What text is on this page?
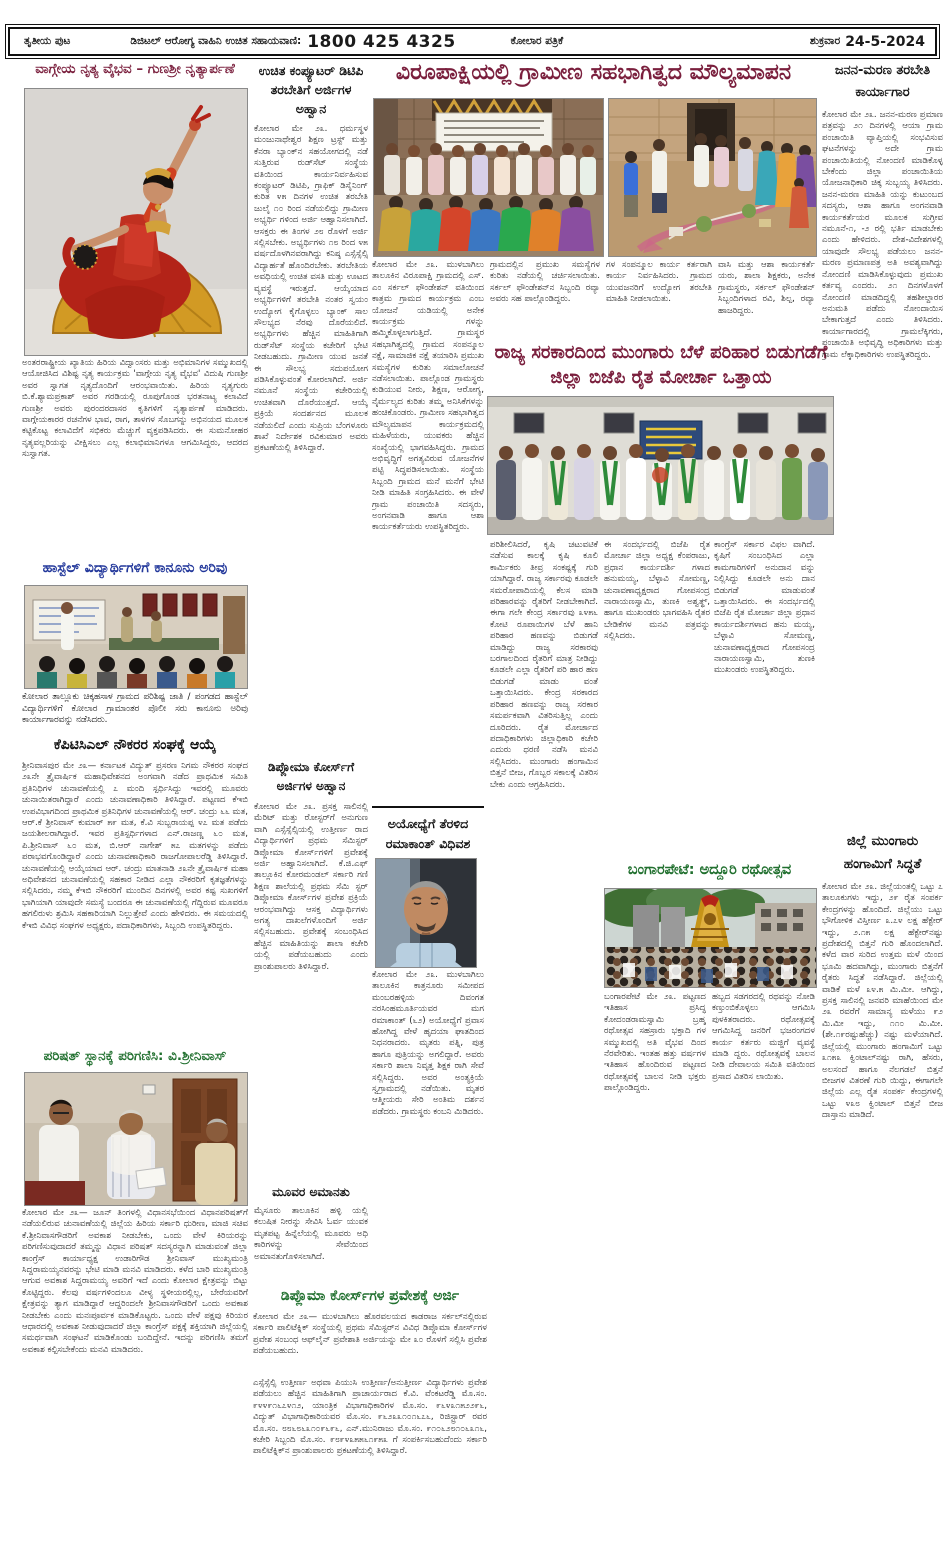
ತೃತೀಯ ಪುಟ	ಡಿಜಿಟಲ್ ಆರೋಗ್ಯ ವಾಹಿನಿ ಉಚಿತ ಸಹಾಯವಾಣಿ: 1800 425 4325	ಕೋಲಾರ ಪತ್ರಿಕೆ	ಶುಕ್ರವಾರ 24-5-2024
ವಾಗ್ಗೇಯ ನೃತ್ಯ ವೈಭವ – ಗುಣಶ್ರೀ ನೃತ್ಯಾರ್ಪಣೆ
ಅಂತರರಾಷ್ಟ್ರೀಯ ಖ್ಯಾತಿಯ ಹಿರಿಯ ವಿದ್ವಾಂಸರು ಮತ್ತು ಅಭಿಮಾನಿಗಳ ಸಮ್ಮುಖದಲ್ಲಿ ಆಯೋಜಿಸಿದ ವಿಶಿಷ್ಟ ನೃತ್ಯ ಕಾರ್ಯಕ್ರಮ 'ವಾಗ್ಗೇಯ ನೃತ್ಯ ವೈಭವ' ವಿದುಷಿ ಗುಣಶ್ರೀ ಅವರ ಸ್ವಾಗತ ನೃತ್ಯದೊಂದಿಗೆ ಆರಂಭವಾಯಿತು. ಹಿರಿಯ ನೃತ್ಯಗುರು ಬಿ.ಕೆ.ಶ್ಯಾಮಪ್ರಕಾಶ್ ಅವರ ಗರಡಿಯಲ್ಲಿ ರೂಪುಗೊಂಡ ಭರತನಾಟ್ಯ ಕಲಾವಿದೆ ಗುಣಶ್ರೀ ಅವರು ಪುರಂದರದಾಸರ ಕೃತಿಗಳಿಗೆ ನೃತ್ಯಾರ್ಪಣೆ ಮಾಡಿದರು. ವಾಗ್ಗೇಯಕಾರರ ರಚನೆಗಳ ಭಾವ, ರಾಗ, ತಾಳಗಳ ಸೊಬಗನ್ನು ಅಭಿನಯದ ಮೂಲಕ ಕಟ್ಟಿಕೊಟ್ಟ ಕಲಾವಿದೆಗೆ ಸಭಿಕರು ಮೆಚ್ಚುಗೆ ವ್ಯಕ್ತಪಡಿಸಿದರು. ಈ ಸುಮನೋಹರ ನೃತ್ಯವಲ್ಲರಿಯನ್ನು ವೀಕ್ಷಿಸಲು ಎಲ್ಲ ಕಲಾಭಿಮಾನಿಗಳೂ ಆಗಮಿಸಿದ್ದರು, ಆದರದ ಸುಸ್ವಾಗತ.
ಹಾಸ್ಟೆಲ್ ವಿದ್ಯಾರ್ಥಿಗಳಿಗೆ ಕಾನೂನು ಅರಿವು
ಕೋಲಾರ ತಾಲ್ಲೂಕು ಚಿಕ್ಕಹಸಾಳ ಗ್ರಾಮದ ಪರಿಶಿಷ್ಟ ಜಾತಿ / ಪಂಗಡದ ಹಾಸ್ಟೆಲ್ ವಿದ್ಯಾರ್ಥಿಗಳಿಗೆ ಕೋಲಾರ ಗ್ರಾಮಾಂತರ ಪೊಲೀ ಸರು ಕಾನೂನು ಅರಿವು ಕಾರ್ಯಾಗಾರವನ್ನು ನಡೆಸಿದರು.
ಕೆಪಿಟಿಸಿಎಲ್ ನೌಕರರ ಸಂಘಕ್ಕೆ ಆಯ್ಕೆ
ಶ್ರೀನಿವಾಸಪುರ ಮೇ ೨೩— ಕರ್ನಾಟಕ ವಿದ್ಯುತ್ ಪ್ರಸರಣ ನಿಗಮ ನೌಕರರ ಸಂಘದ ೨೩ನೇ ತ್ರೈವಾರ್ಷಿಕ ಮಹಾಧಿವೇಶನದ ಅಂಗವಾಗಿ ನಡೆದ ಪ್ರಾಥಮಿಕ ಸಮಿತಿ ಪ್ರತಿನಿಧಿಗಳ ಚುನಾವಣೆಯಲ್ಲಿ ೭ ಮಂದಿ ಸ್ಪರ್ಧಿಸಿದ್ದು ಇವರಲ್ಲಿ ಮೂವರು ಚುನಾಯಿತರಾಗಿದ್ದಾರೆ ಎಂದು ಚುನಾವಣಾಧಿಕಾರಿ ತಿಳಿಸಿದ್ದಾರೆ. ಪಟ್ಟಣದ ಕೆಇಬಿ ಉಪವಿಭಾಗದಿಂದ ಪ್ರಾಥಮಿಕ ಪ್ರತಿನಿಧಿಗಳ ಚುನಾವಣೆಯಲ್ಲಿ ಆರ್. ಚಂದ್ರು ೬೬ ಮತ, ಆರ್.ಕೆ ಶ್ರೀನಿವಾಸ್ ಕುಮಾರ್ ೫೯ ಮತ, ಕೆ.ವಿ ಸುಬ್ಬರಾಯಪ್ಪ ೪೭ ಮತ ಪಡೆದು ಜಯಶೀಲರಾಗಿದ್ದಾರೆ. ಇವರ ಪ್ರತಿಸ್ಪರ್ಧಿಗಳಾದ ಎನ್.ರಾಜಣ್ಣ ೬೦ ಮತ, ಪಿ.ಶ್ರೀನಿವಾಸ್ ೬೦ ಮತ, ಬಿ.ಆರ್ ನಾಗೇಶ್ ೫೭ ಮತಗಳನ್ನು ಪಡೆದು ಪರಾಭವಗೊಂಡಿದ್ದಾರೆ ಎಂದು ಚುನಾವಣಾಧಿಕಾರಿ ರಾಜಗೋಪಾಲರೆಡ್ಡಿ ತಿಳಿಸಿದ್ದಾರೆ. ಚುನಾವಣೆಯಲ್ಲಿ ಆಯ್ಕೆಯಾದ ಆರ್. ಚಂದ್ರು ಮಾತನಾಡಿ ೨೩ನೇ ತ್ರೈವಾರ್ಷಿಕ ಮಹಾ ಅಧಿವೇಶನದ ಚುನಾವಣೆಯಲ್ಲಿ ಸಹಕಾರ ನೀಡಿದ ಎಲ್ಲಾ ನೌಕರರಿಗೆ ಕೃತಜ್ಞತೆಗಳನ್ನು ಸಲ್ಲಿಸಿದರು, ನಮ್ಮ ಕೆಇಬಿ ನೌಕರರಿಗೆ ಮುಂದಿನ ದಿನಗಳಲ್ಲಿ ಅವರ ಕಷ್ಟ ಸುಖಗಳಿಗೆ ಭಾಗಿಯಾಗಿ ಯಾವುದೇ ಸಮಸ್ಯೆ ಬಂದರೂ ಈ ಚುನಾವಣೆಯಲ್ಲಿ ಗೆದ್ದಿರುವ ಮೂವರೂ ಹಗಲಿರುಳು ಶ್ರಮಿಸಿ ಸಹಕಾರಿಯಾಗಿ ನಿಲ್ಲುತ್ತೇವೆ ಎಂದು ಹೇಳಿದರು. ಈ ಸಮಯದಲ್ಲಿ ಕೆಇಬಿ ವಿವಿಧ ಸಂಘಗಳ ಅಧ್ಯಕ್ಷರು, ಪದಾಧಿಕಾರಿಗಳು, ಸಿಬ್ಬಂದಿ ಉಪಸ್ಥಿತರಿದ್ದರು.
ಪರಿಷತ್ ಸ್ಥಾನಕ್ಕೆ ಪರಿಗಣಿಸಿ: ವಿ.ಶ್ರೀನಿವಾಸ್
ಕೋಲಾರ ಮೇ ೨೩— ಜೂನ್ ತಿಂಗಳಲ್ಲಿ ವಿಧಾನಸಭೆಯಿಂದ ವಿಧಾನಪರಿಷತ್‌ಗೆ ನಡೆಯಲಿರುವ ಚುನಾವಣೆಯಲ್ಲಿ ಜಿಲ್ಲೆಯ ಹಿರಿಯ ಸರ್ಕಾರಿ ಧುರೀಣ, ಮಾಜಿ ಸಚಿವ ಕೆ.ಶ್ರೀನಿವಾಸಗೌಡರಿಗೆ ಅವಕಾಶ ನೀಡಬೇಕು, ಒಂದು ವೇಳೆ ಕಿರಿಯರನ್ನು ಪರಿಗಣಿಸುವುದಾದರೆ ತಮ್ಮನ್ನು ವಿಧಾನ ಪರಿಷತ್ ಸದಸ್ಯರನ್ನಾಗಿ ಮಾಡುವಂತೆ ಜಿಲ್ಲಾ ಕಾಂಗ್ರೆಸ್ ಕಾರ್ಯಾಧ್ಯಕ್ಷ ಉಡಾರಿಗೌಡ ಶ್ರೀನಿವಾಸ್ ಮುಖ್ಯಮಂತ್ರಿ ಸಿದ್ದರಾಮಯ್ಯನವರನ್ನು ಭೇಟಿ ಮಾಡಿ ಮನವಿ ಮಾಡಿದರು. ಕಳೆದ ಬಾರಿ ಮುಖ್ಯಮಂತ್ರಿ ಆಗುವ ಅವಕಾಶ ಸಿದ್ದರಾಮಯ್ಯ ಅವರಿಗೆ ಇದೆ ಎಂದು ಕೋಲಾರ ಕ್ಷೇತ್ರವನ್ನು ಬಿಟ್ಟು ಕೊಟ್ಟಿದ್ದರು. ಕೆಲವು ವರ್ಷಗಳಿಂದಲೂ ವೀಳ್ಯ ಸ್ಥಳೀಯರಲ್ಲಿಲ್ಲ, ಬೇರೆಯವರಿಗೆ ಕ್ಷೇತ್ರವನ್ನು ತ್ಯಾಗ ಮಾಡಿದ್ದಾರೆ ಆದ್ದರಿಂದಲೇ ಶ್ರೀನಿವಾಸಗೌಡರಿಗೆ ಒಂದು ಅವಕಾಶ ನೀಡಬೇಕು ಎಂದು ಮನಃಪೂರ್ವಕ ಮಾಡಿಕೊಟ್ಟರು. ಒಂದು ವೇಳೆ ಪಕ್ಷವು ಕಿರಿಯರ ಆಧಾರದಲ್ಲಿ ಅವಕಾಶ ನೀಡುವುದಾದರೆ ಜಿಲ್ಲಾ ಕಾಂಗ್ರೆಸ್ ಪಕ್ಷಕ್ಕೆ ಶಕ್ತಿಯಾಗಿ ಜಿಲ್ಲೆಯಲ್ಲಿ ಸಮರ್ಥವಾಗಿ ಸಂಘಟನೆ ಮಾಡಿಕೊಂಡು ಬಂದಿದ್ದೇನೆ. ಇದನ್ನು ಪರಿಗಣಿಸಿ ತಮಗೆ ಅವಕಾಶ ಕಲ್ಪಿಸಬೇಕೆಂದು ಮನವಿ ಮಾಡಿದರು.
ಉಚಿತ ಕಂಪ್ಯೂಟರ್ ಡಿಟಿಪಿ ತರಬೇತಿಗೆ ಅರ್ಜಿಗಳ ಅಹ್ವಾನ
ಕೋಲಾರ ಮೇ ೨೩. ಧರ್ಮಸ್ಥಳ ಮಂಜುನಾಥೇಶ್ವರ ಶಿಕ್ಷಣ ಟ್ರಸ್ಟ್ ಮತ್ತು ಕೆನರಾ ಬ್ಯಾಂಕ್‌ನ ಸಹಯೋಗದಲ್ಲಿ ನಡೆ ಸುತ್ತಿರುವ ರುಡ್‌ಸೆಟ್ ಸಂಸ್ಥೆಯ ವತಿಯಿಂದ ಕಾರ್ಯನಿರ್ವಹಿಸುವ ಕಂಪ್ಯೂಟರ್ ಡಿಟಿಪಿ, ಗ್ರಾಫಿಕ್ ಡಿಸೈನಿಂಗ್ ಕುರಿತ ೪೫ ದಿನಗಳ ಉಚಿತ ತರಬೇತಿ ಜುಲೈ ೧೦ ರಿಂದ ನಡೆಯಲಿದ್ದು ಗ್ರಾಮೀಣ ಅಭ್ಯರ್ಥಿ ಗಳಿಂದ ಅರ್ಜಿ ಆಹ್ವಾನಿಸಲಾಗಿದೆ. ಆಸಕ್ತರು ಈ ತಿಂಗಳ ೨೮ ರೊಳಗೆ ಅರ್ಜಿ ಸಲ್ಲಿಸಬೇಕು. ಅಭ್ಯರ್ಥಿಗಳು ೧೮ ರಿಂದ ೪೫ ವರ್ಷದೊಳಗಿನವರಾಗಿದ್ದು ಕನಿಷ್ಠ ಎಸ್ಸೆಸ್ಸೆಲ್ಸಿ ವಿದ್ಯಾರ್ಹತೆ ಹೊಂದಿರಬೇಕು. ತರಬೇತಿಯ ಅವಧಿಯಲ್ಲಿ ಉಚಿತ ವಸತಿ ಮತ್ತು ಊಟದ ವ್ಯವಸ್ಥೆ ಇರುತ್ತದೆ. ಆಯ್ಕೆಯಾದ ಅಭ್ಯರ್ಥಿಗಳಿಗೆ ತರಬೇತಿ ನಂತರ ಸ್ವಯಂ ಉದ್ಯೋಗ ಕೈಗೊಳ್ಳಲು ಬ್ಯಾಂಕ್ ಸಾಲ ಸೌಲಭ್ಯದ ನೆರವು ದೊರೆಯಲಿದೆ. ಅಭ್ಯರ್ಥಿಗಳು ಹೆಚ್ಚಿನ ಮಾಹಿತಿಗಾಗಿ ರುಡ್‌ಸೆಟ್ ಸಂಸ್ಥೆಯ ಕಚೇರಿಗೆ ಭೇಟಿ ನೀಡಬಹುದು. ಗ್ರಾಮೀಣ ಯುವ ಜನತೆ ಈ ಸೌಲಭ್ಯ ಸದುಪಯೋಗ ಪಡಿಸಿಕೊಳ್ಳುವಂತೆ ಕೋರಲಾಗಿದೆ. ಅರ್ಜಿ ನಮೂನೆ ಸಂಸ್ಥೆಯ ಕಚೇರಿಯಲ್ಲಿ ಉಚಿತವಾಗಿ ದೊರೆಯುತ್ತದೆ. ಆಯ್ಕೆ ಪ್ರಕ್ರಿಯೆ ಸಂದರ್ಶನದ ಮೂಲಕ ನಡೆಯಲಿದೆ ಎಂದು ಸುಪ್ರಿಯ ಬೆಂಗಳೂರು ಶಾಖೆ ನಿರ್ದೇಶಕ ರವಿಕುಮಾರ ಅವರು ಪ್ರಕಟಣೆಯಲ್ಲಿ ತಿಳಿಸಿದ್ದಾರೆ.
ಡಿಪ್ಲೋಮಾ ಕೋರ್ಸ್‌ಗೆ ಅರ್ಜಿಗಳ ಅಹ್ವಾನ
ಕೋಲಾರ ಮೇ ೨೩. ಪ್ರಸಕ್ತ ಸಾಲಿನಲ್ಲಿ ಮೆರಿಟ್ ಮತ್ತು ರೋಸ್ಟರ್‌ಗೆ ಅನುಗುಣ ವಾಗಿ ಎಸ್ಸೆಸ್ಸೆಲ್ಸಿಯಲ್ಲಿ ಉತ್ತೀರ್ಣ ರಾದ ವಿದ್ಯಾರ್ಥಿಗಳಿಗೆ ಪ್ರಥಮ ಸೆಮಿಸ್ಟರ್ ಡಿಪ್ಲೋಮಾ ಕೋರ್ಸ್‌ಗಳಿಗೆ ಪ್ರವೇಶಕ್ಕೆ ಅರ್ಜಿ ಅಹ್ವಾನಿಸಲಾಗಿದೆ. ಕೆ.ಜಿ.ಎಫ್ ತಾಲ್ಲೂಕಿನ ಕೋರಮಂಡಲ್ ಸರ್ಕಾರಿ ಗಣಿ ಶಿಕ್ಷಣ ಶಾಲೆಯಲ್ಲಿ ಪ್ರಥಮ ಸೆಮಿ ಸ್ಟರ್ ಡಿಪ್ಲೋಮಾ ಕೋರ್ಸ್‌ಗಳ ಪ್ರವೇಶ ಪ್ರಕ್ರಿಯೆ ಆರಂಭವಾಗಿದ್ದು ಆಸಕ್ತ ವಿದ್ಯಾರ್ಥಿಗಳು ಅಗತ್ಯ ದಾಖಲೆಗಳೊಂದಿಗೆ ಅರ್ಜಿ ಸಲ್ಲಿಸಬಹುದು. ಪ್ರವೇಶಕ್ಕೆ ಸಂಬಂಧಿಸಿದ ಹೆಚ್ಚಿನ ಮಾಹಿತಿಯನ್ನು ಶಾಲಾ ಕಚೇರಿ ಯಲ್ಲಿ ಪಡೆಯಬಹುದು ಎಂದು ಪ್ರಾಂಶುಪಾಲರು ತಿಳಿಸಿದ್ದಾರೆ.
ಮೂವರ ಅಮಾನತು
ಮೈಸೂರು ತಾಲೂಕಿನ ಹಳ್ಳಿ ಯಲ್ಲಿ ಕಲುಷಿತ ನೀರನ್ನು ಸೇವಿಸಿ ಓರ್ವ ಯುವಕ ಮೃತಪಟ್ಟ ಹಿನ್ನೆಲೆಯಲ್ಲಿ ಮೂವರು ಅಧಿ ಕಾರಿಗಳನ್ನು ಸೇವೆಯಿಂದ ಅಮಾನತುಗೊಳಿಸಲಾಗಿದೆ.
ಡಿಪ್ಲೊಮಾ ಕೋರ್ಸ್‌ಗಳ ಪ್ರವೇಶಕ್ಕೆ ಅರ್ಜಿ
ಕೋಲಾರ ಮೇ ೨೩— ಮುಳಬಾಗಿಲು ಹೊರವಲಯದ ಕಾಡರಾಜ ಸರ್ಕಲ್‌ನಲ್ಲಿರುವ ಸರ್ಕಾರಿ ಪಾಲಿಟೆಕ್ನಿಕ್ ಸಂಸ್ಥೆಯಲ್ಲಿ ಪ್ರಥಮ ಸೆಮಿಸ್ಟರ್‌ನ ವಿವಿಧ ಡಿಪ್ಲೊಮಾ ಕೋರ್ಸ್‌ಗಳ ಪ್ರವೇಶ ಸಂಬಂಧ ಆಫ್‌ಲೈನ್ ಪ್ರವೇಶಾತಿ ಅರ್ಜಿಯನ್ನು ಮೇ ೩೦ ರೊಳಗೆ ಸಲ್ಲಿಸಿ ಪ್ರವೇಶ ಪಡೆಯಬಹುದು.
ಎಸ್ಸೆಸ್ಸೆಲ್ಸಿ ಉತ್ತೀರ್ಣ ಅಥವಾ ಪಿಯುಸಿ ಉತ್ತೀರ್ಣ/ಅನುತ್ತೀರ್ಣ ವಿದ್ಯಾರ್ಥಿಗಳು ಪ್ರವೇಶ ಪಡೆಯಲು ಹೆಚ್ಚಿನ ಮಾಹಿತಿಗಾಗಿ ಪ್ರಾಚಾರ್ಯರಾದ ಕೆ.ವಿ. ವೆಂಕಟರೆಡ್ಡಿ ಮೊ.ಸಂ. ೯೪೪೯೧೬೭೪೧೨, ಯಾಂತ್ರಿಕ ವಿಭಾಗಾಧಿಕಾರಿಗಳ ಮೊ.ಸಂ. ೯೬೪೩೧೫೨೨೯೬, ವಿದ್ಯುತ್ ವಿಭಾಗಾಧಿಕಾರಿಯವರ ಮೊ.ಸಂ. ೯೬೨೩೩೧೦೧೬೭೬, ರಿಜಿಸ್ಟ್ರಾರ್ ರವರ ಮೊ.ಸಂ. ೮೮೬೮೬೩೧೦೯೬೯೬, ಎನ್.ಮುನಿರಾಜು ಮೊ.ಸಂ. ೯೧೦೬೨೮೧೦೬೩೧೬, ಕಚೇರಿ ಸಿಬ್ಬಂದಿ ಮೊ.ಸಂ. ೯೮೯೪೩೫೫೬೧೯೫೩ ಗೆ ಸಂಪರ್ಕಿಸಬಹುದೆಂದು ಸರ್ಕಾರಿ ಪಾಲಿಟೆಕ್ನಿಕ್‌ನ ಪ್ರಾಂಶುಪಾಲರು ಪ್ರಕಟಣೆಯಲ್ಲಿ ತಿಳಿಸಿದ್ದಾರೆ.
ವಿರೂಪಾಕ್ಷಿಯಲ್ಲಿ ಗ್ರಾಮೀಣ ಸಹಭಾಗಿತ್ವದ ಮೌಲ್ಯಮಾಪನ
ಕೋಲಾರ ಮೇ ೨೩. ಮುಳಬಾಗಿಲು ತಾಲೂಕಿನ ವಿರೂಪಾಕ್ಷಿ ಗ್ರಾಮದಲ್ಲಿ ಎಸ್. ಎಂ ಸರ್ಕಲ್ ಫೌಂಡೇಶನ್ ವತಿಯಿಂದ ಕಾತ್ರಮ ಗ್ರಾಮದ ಕಾರ್ಯಕ್ರಮ ಎಂಬ ಯೋಜನೆ ಯಡಿಯಲ್ಲಿ ಅನೇಕ ಕಾರ್ಯಕ್ರಮ ಗಳನ್ನು ಹಮ್ಮಿಕೊಳ್ಳಲಾಗುತ್ತಿದೆ. ಗ್ರಾಮಸ್ಥರ ಸಹಭಾಗಿತ್ವದಲ್ಲಿ ಗ್ರಾಮದ ಸಂಪನ್ಮೂಲ ನಕ್ಷೆ, ಸಾಮಾಜಿಕ ನಕ್ಷೆ ತಯಾರಿಸಿ ಪ್ರಮುಖ ಸಮಸ್ಯೆಗಳ ಕುರಿತು ಸಮಾಲೋಚನೆ ನಡೆಸಲಾಯಿತು. ಪಾಲ್ಗೊಂಡ ಗ್ರಾಮಸ್ಥರು ಕುಡಿಯುವ ನೀರು, ಶಿಕ್ಷಣ, ಆರೋಗ್ಯ, ನೈರ್ಮಲ್ಯದ ಕುರಿತು ತಮ್ಮ ಅನಿಸಿಕೆಗಳನ್ನು ಹಂಚಿಕೊಂಡರು. ಗ್ರಾಮೀಣ ಸಹಭಾಗಿತ್ವದ ಮೌಲ್ಯಮಾಪನ ಕಾರ್ಯಕ್ರಮದಲ್ಲಿ ಮಹಿಳೆಯರು, ಯುವಕರು ಹೆಚ್ಚಿನ ಸಂಖ್ಯೆಯಲ್ಲಿ ಭಾಗವಹಿಸಿದ್ದರು. ಗ್ರಾಮದ ಅಭಿವೃದ್ಧಿಗೆ ಅಗತ್ಯವಿರುವ ಯೋಜನೆಗಳ ಪಟ್ಟಿ ಸಿದ್ಧಪಡಿಸಲಾಯಿತು. ಸಂಸ್ಥೆಯ ಸಿಬ್ಬಂದಿ ಗ್ರಾಮದ ಮನೆ ಮನೆಗೆ ಭೇಟಿ ನೀಡಿ ಮಾಹಿತಿ ಸಂಗ್ರಹಿಸಿದರು. ಈ ವೇಳೆ ಗ್ರಾಮ ಪಂಚಾಯಿತಿ ಸದಸ್ಯರು, ಅಂಗನವಾಡಿ ಹಾಗೂ ಆಶಾ ಕಾರ್ಯಕರ್ತೆಯರು ಉಪಸ್ಥಿತರಿದ್ದರು.
ಗ್ರಾಮದಲ್ಲಿನ ಪ್ರಮುಖ ಸಮಸ್ಯೆಗಳ ಕುರಿತು ನಡೆಯಲ್ಲಿ ಚರ್ಚಿಸಲಾಯಿತು. ಸರ್ಕಲ್ ಫೌಂಡೇಶನ್‌ನ ಸಿಬ್ಬಂದಿ ರವ್ಯಾ ಅವರು ಸಹ ಪಾಲ್ಗೊಂಡಿದ್ದರು.
ಗಳ ಸಂಪನ್ಮೂಲ ಕಾರ್ಯ ಕರ್ತರಾಗಿ ಕಾರ್ಯ ನಿರ್ವಹಿಸಿದರು. ಗ್ರಾಮದ ಯುವಜನರಿಗೆ ಉದ್ಯೋಗ ತರಬೇತಿ ಮಾಹಿತಿ ನೀಡಲಾಯಿತು.
ವಾಸಿ ಮತ್ತು ಆಶಾ ಕಾರ್ಯಕರ್ತೆ ಯರು, ಶಾಲಾ ಶಿಕ್ಷಕರು, ಅನೇಕ ಗ್ರಾಮಸ್ಥರು, ಸರ್ಕಲ್ ಫೌಂಡೇಶನ್ ಸಿಬ್ಬಂದಿಗಳಾದ ರವಿ, ಶಿಲ್ಪ, ರವ್ಯಾ ಹಾಜರಿದ್ದರು.
ರಾಜ್ಯ ಸರಕಾರದಿಂದ ಮುಂಗಾರು ಬೆಳೆ ಪರಿಹಾರ ಬಿಡುಗಡೆಗೆ ಜಿಲ್ಲಾ ಬಿಜೆಪಿ ರೈತ ಮೋರ್ಚಾ ಒತ್ತಾಯ
ಪರಿಶೀಲಿಸಿದರೆ, ಕೃಷಿ ಚಟುವಟಿಕೆ ನಡೆಸುವ ಕಾಲಕ್ಕೆ ಕೃಷಿ ಕೂಲಿ ಕಾರ್ಮಿಕರು ತೀವ್ರ ಸಂಕಷ್ಟಕ್ಕೆ ಗುರಿ ಯಾಗಿದ್ದಾರೆ. ರಾಜ್ಯ ಸರ್ಕಾರವು ಕೂಡಲೇ ಸಮರೋಪಾದಿಯಲ್ಲಿ ಕೆಲಸ ಮಾಡಿ ಪರಿಹಾರವನ್ನು ರೈತರಿಗೆ ನೀಡಬೇಕಾಗಿದೆ. ಈಗಾ ಗಲೇ ಕೇಂದ್ರ ಸರ್ಕಾರವು ೩೪೫೬ ಕೋಟಿ ರೂಪಾಯಿಗಳ ಬೆಳೆ ಹಾನಿ ಪರಿಹಾರ ಹಣವನ್ನು ಬಿಡುಗಡೆ ಮಾಡಿದ್ದು ರಾಜ್ಯ ಸರಕಾರವು ಬರಗಾಲದಿಂದ ರೈತರಿಗೆ ಮಾತ್ರ ನೀಡಿದ್ದು ಕೂಡಲೇ ಎಲ್ಲಾ ರೈತರಿಗೆ ಪರಿ ಹಾರ ಹಣ ಬಿಡುಗಡೆ ಮಾಡು ವಂತೆ ಒತ್ತಾಯಿಸಿದರು. ಕೇಂದ್ರ ಸರಕಾರದ ಪರಿಹಾರ ಹಣವನ್ನು ರಾಜ್ಯ ಸರಕಾರ ಸಮರ್ಪಕವಾಗಿ ವಿತರಿಸುತ್ತಿಲ್ಲ ಎಂದು ದೂರಿದರು. ರೈತ ಮೋರ್ಚಾದ ಪದಾಧಿಕಾರಿಗಳು ಜಿಲ್ಲಾಧಿಕಾರಿ ಕಚೇರಿ ಎದುರು ಧರಣಿ ನಡೆಸಿ ಮನವಿ ಸಲ್ಲಿಸಿದರು. ಮುಂಗಾರು ಹಂಗಾಮಿನ ಬಿತ್ತನೆ ಬೀಜ, ಗೊಬ್ಬರ ಸಕಾಲಕ್ಕೆ ವಿತರಿಸ ಬೇಕು ಎಂದು ಆಗ್ರಹಿಸಿದರು.
ಈ ಸಂದರ್ಭದಲ್ಲಿ ಬಿಜೆಪಿ ರೈತ ಮೋರ್ಚಾ ಜಿಲ್ಲಾ ಅಧ್ಯಕ್ಷ ಕೆಂಪರಾಜು, ಪ್ರಧಾನ ಕಾರ್ಯದರ್ಶಿ ಗಳಾದ ಹನುಮಯ್ಯ, ಬೆಳ್ಳಾವಿ ಸೋಮಣ್ಣ, ಚುನಾವಣಾಧ್ಯಕ್ಷರಾದ ಗೋಪಸಂದ್ರ ನಾರಾಯಣಸ್ವಾಮಿ, ತುಣಕಿ ಅಶ್ವತ್ಥ್, ಹಾಗೂ ಮುಖಂಡರು ಭಾಗವಹಿಸಿ ರೈತರ ಬೇಡಿಕೆಗಳ ಮನವಿ ಪತ್ರವನ್ನು ಸಲ್ಲಿಸಿದರು.
ಕಾಂಗ್ರೆಸ್ ಸರ್ಕಾರ ವಿಫಲ ವಾಗಿದೆ. ಕೃಷಿಗೆ ಸಂಬಂಧಿಸಿದ ಎಲ್ಲಾ ಕಾಮಗಾರಿಗಳಿಗೆ ಅನುದಾನ ವನ್ನು ನಿಲ್ಲಿಸಿದ್ದು ಕೂಡಲೇ ಅನು ದಾನ ಬಿಡುಗಡೆ ಮಾಡುವಂತೆ ಒತ್ತಾಯಿಸಿದರು. ಈ ಸಂದರ್ಭದಲ್ಲಿ ಬಿಜೆಪಿ ರೈತ ಮೋರ್ಚಾ ಜಿಲ್ಲಾ ಪ್ರಧಾನ ಕಾರ್ಯದರ್ಶಿಗಳಾದ ಹನು ಮಯ್ಯ, ಬೆಳ್ಳಾವಿ ಸೋಮಣ್ಣ, ಚುನಾವಣಾಧ್ಯಕ್ಷರಾದ ಗೋಪಸಂದ್ರ ನಾರಾಯಣಸ್ವಾಮಿ, ತುಣಕಿ ಮುಖಂಡರು ಉಪಸ್ಥಿತರಿದ್ದರು.
ಅಯೋಧ್ಯೆಗೆ ತೆರಳಿದ ರಮಾಕಾಂತ್ ವಿಧಿವಶ
ಕೋಲಾರ ಮೇ ೨೩. ಮುಳಬಾಗಿಲು ತಾಲೂಕಿನ ಕಾತ್ರನೂರು ಸಮೀಪದ ಮಂಬರಹಳ್ಳಿಯ ದಿವಂಗತ ನರಸಿಂಹಮೂರ್ತಿಯವರ ಮಗ ರಮಾಕಾಂತ್ (೬೨) ಅಯೋಧ್ಯೆಗೆ ಪ್ರವಾಸ ಹೋಗಿದ್ದ ವೇಳೆ ಹೃದಯಾ ಘಾತದಿಂದ ನಿಧನರಾದರು. ಮೃತರು ಪತ್ನಿ, ಪುತ್ರ ಹಾಗೂ ಪುತ್ರಿಯನ್ನು ಅಗಲಿದ್ದಾರೆ. ಅವರು ಸರ್ಕಾರಿ ಶಾಲಾ ನಿವೃತ್ತ ಶಿಕ್ಷಕ ರಾಗಿ ಸೇವೆ ಸಲ್ಲಿಸಿದ್ದರು. ಅವರ ಅಂತ್ಯಕ್ರಿಯೆ ಸ್ವಗ್ರಾಮದಲ್ಲಿ ನಡೆಯಿತು. ಮೃತರ ಆತ್ಮೀಯರು ಸೇರಿ ಅಂತಿಮ ದರ್ಶನ ಪಡೆದರು. ಗ್ರಾಮಸ್ಥರು ಕಂಬನಿ ಮಿಡಿದರು.
ಬಂಗಾರಪೇಟೆ: ಅದ್ದೂರಿ ರಥೋತ್ಸವ
ಬಂಗಾರಪೇಟೆ ಮೇ ೨೩. ಪಟ್ಟಣದ ಇತಿಹಾಸ ಪ್ರಸಿದ್ಧ ಕೋದಂಡರಾಮಸ್ವಾಮಿ ಬ್ರಹ್ಮ ರಥೋತ್ಸವ ಸಹಸ್ರಾರು ಭಕ್ತಾದಿ ಗಳ ಸಮ್ಮುಖದಲ್ಲಿ ಅತಿ ವೈಭವ ದಿಂದ ನೆರವೇರಿತು. ಇಂತಹ ಹತ್ತು ವರ್ಷಗಳ ಇತಿಹಾಸ ಹೊಂದಿರುವ ಪಟ್ಟಣದ ರಥೋತ್ಸವಕ್ಕೆ ಬಾಲನ ನೀಡಿ ಭಕ್ತರು ಪಾಲ್ಗೊಂಡಿದ್ದರು.
ಹಬ್ಬದ ಸಡಗರದಲ್ಲಿ ರಥವನ್ನು ನೋಡಿ ಕಣ್ತುಂಬಿಕೊಳ್ಳಲು ಆಗಮಿಸಿ ಪುಳಕಿತರಾದರು. ರಥೋತ್ಸವಕ್ಕೆ ಆಗಮಿಸಿದ್ದ ಜನರಿಗೆ ಭಜರಂಗದಳ ಕಾರ್ಯ ಕರ್ತರು ಮಜ್ಜಿಗೆ ವ್ಯವಸ್ಥೆ ಮಾಡಿ ದ್ದರು. ರಥೋತ್ಸವಕ್ಕೆ ಬಾಲನ ನೀಡಿ ದೇವಾಲಯ ಸಮಿತಿ ವತಿಯಿಂದ ಪ್ರಸಾದ ವಿತರಿಸ ಲಾಯಿತು.
ಜನನ-ಮರಣ ತರಬೇತಿ ಕಾರ್ಯಾಗಾರ
ಕೋಲಾರ ಮೇ ೨೩. ಜನನ-ಮರಣ ಪ್ರಮಾಣ ಪತ್ರವನ್ನು ೨೧ ದಿನಗಳಲ್ಲಿ ಆಯಾ ಗ್ರಾಮ ಪಂಚಾಯಿತಿ ವ್ಯಾಪ್ತಿಯಲ್ಲಿ ಸಂಭವಿಸುವ ಘಟನೆಗಳನ್ನು ಅದೇ ಗ್ರಾಮ ಪಂಚಾಯಿತಿಯಲ್ಲಿ ನೋಂದಣಿ ಮಾಡಿಕೊಳ್ಳ ಬೇಕೆಂದು ಜಿಲ್ಲಾ ಪಂಚಾಯಿತಿಯ ಯೋಜನಾಧಿಕಾರಿ ಚಿಕ್ಕ ಸುಬ್ಬಯ್ಯ ತಿಳಿಸಿದರು. ಜನನ-ಮರಣ ಮಾಹಿತಿ ಯನ್ನು ಕುಟುಂಬದ ಸದಸ್ಯರು, ಆಶಾ ಹಾಗೂ ಅಂಗನವಾಡಿ ಕಾರ್ಯಕರ್ತೆಯರ ಮೂಲಕ ಸುಗ್ರೀವ ನಮೂನೆ-೧, -೨ ರಲ್ಲಿ ಭರ್ತಿ ಮಾಡಬೇಕು ಎಂದು ಹೇಳಿದರು. ದೇಶ-ವಿದೇಶಗಳಲ್ಲಿ ಯಾವುದೇ ಸೌಲಭ್ಯ ಪಡೆಯಲು ಜನನ-ಮರಣ ಪ್ರಮಾಣಪತ್ರ ಅತಿ ಅವಶ್ಯವಾಗಿದ್ದು ನೋಂದಣಿ ಮಾಡಿಸಿಕೊಳ್ಳುವುದು ಪ್ರಮುಖ ಕರ್ತವ್ಯ ಎಂದರು. ೨೧ ದಿನಗಳೊಳಗೆ ನೋಂದಣಿ ಮಾಡದಿದ್ದಲ್ಲಿ ತಹಶೀಲ್ದಾರರ ಅನುಮತಿ ಪಡೆದು ನೋಂದಾಯಿಸ ಬೇಕಾಗುತ್ತದೆ ಎಂದು ತಿಳಿಸಿದರು. ಕಾರ್ಯಾಗಾರದಲ್ಲಿ ಗ್ರಾಮಲೆಕ್ಕಿಗರು, ಪಂಚಾಯಿತಿ ಅಭಿವೃದ್ಧಿ ಅಧಿಕಾರಿಗಳು ಮತ್ತು ಗ್ರಾಮ ಲೆಕ್ಕಾಧಿಕಾರಿಗಳು ಉಪಸ್ಥಿತರಿದ್ದರು.
ಜಿಲ್ಲೆ ಮುಂಗಾರು ಹಂಗಾಮಿಗೆ ಸಿದ್ಧತೆ
ಕೋಲಾರ ಮೇ ೨೩. ಜಿಲ್ಲೆಯಂತಲ್ಲಿ ಒಟ್ಟು ೭ ತಾಲೂಕುಗಳು ಇದ್ದು, ೨೯ ರೈತ ಸಂಪರ್ಕ ಕೇಂದ್ರಗಳನ್ನು ಹೊಂದಿದೆ. ಜಿಲ್ಲೆಯು ಒಟ್ಟು ಭೌಗೋಳಿಕ ವಿಸ್ತೀರ್ಣ ೩.೭೪ ಲಕ್ಷ ಹೆಕ್ಟೇರ್ ಇದ್ದು, ೨.೧೫ ಲಕ್ಷ ಹೆಕ್ಟೇರ್‌ನಷ್ಟು ಪ್ರದೇಶದಲ್ಲಿ ಬಿತ್ತನೆ ಗುರಿ ಹೊಂದಲಾಗಿದೆ. ಕಳೆದ ವಾರ ಸುರಿದ ಉತ್ತಮ ಮಳೆ ಯಿಂದ ಭೂಮಿ ಹದವಾಗಿದ್ದು, ಮುಂಗಾರು ಬಿತ್ತನೆಗೆ ರೈತರು ಸಿದ್ಧತೆ ನಡೆಸಿದ್ದಾರೆ. ಜಿಲ್ಲೆಯಲ್ಲಿ ವಾಡಿಕೆ ಮಳೆ ೩೪.೫ ಮಿ.ಮೀ. ಆಗಿದ್ದು, ಪ್ರಸಕ್ತ ಸಾಲಿನಲ್ಲಿ ಜನವರಿ ಮಾಹೆಯಿಂದ ಮೇ ೨೩ ರವರೆಗೆ ಸಾಮಾನ್ಯ ಮಳೆಯು ೯೨ ಮಿ.ಮೀ ಇದ್ದು, ೧೧೦ ಮಿ.ಮೀ. (ಶೇ.೧೯ರಷ್ಟುಹೆಚ್ಚು) ನಷ್ಟು ಮಳೆಯಾಗಿದೆ. ಜಿಲ್ಲೆಯಲ್ಲಿ ಮುಂಗಾರು ಹಂಗಾಮಿಗೆ ಒಟ್ಟು ೩೧೫೩ ಕ್ವಿಂಟಾಲ್‌ನಷ್ಟು ರಾಗಿ, ಹೆಸರು, ಅಲಸಂದೆ ಹಾಗೂ ನೆಲಗಡಲೆ ಬಿತ್ತನೆ ಬೀಜಗಳ ವಿತರಣೆ ಗುರಿ ಯಿದ್ದು, ಈಗಾಗಲೇ ಜಿಲ್ಲೆಯ ಎಲ್ಲ ರೈತ ಸಂಪರ್ಕ ಕೇಂದ್ರಗಳಲ್ಲಿ ಒಟ್ಟು ೪೩೮ ಕ್ವಿಂಟಾಲ್ ಬಿತ್ತನೆ ಬೀಜ ದಾಸ್ತಾನು ಮಾಡಿದೆ.
